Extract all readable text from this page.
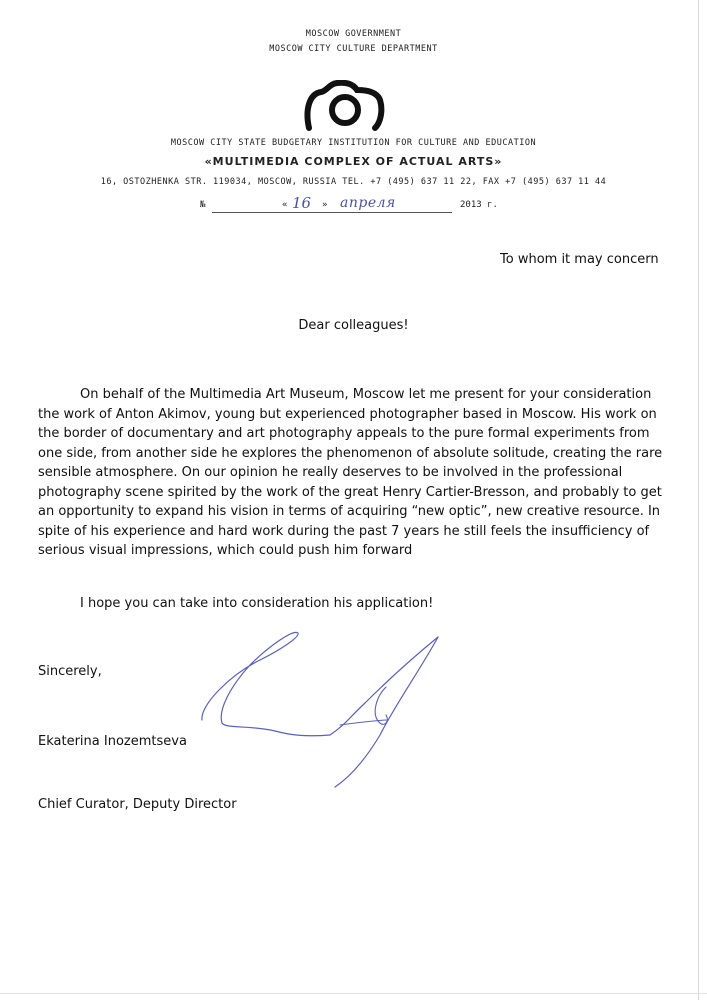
MOSCOW GOVERNMENT
MOSCOW CITY CULTURE DEPARTMENT
MOSCOW CITY STATE BUDGETARY INSTITUTION FOR CULTURE AND EDUCATION
«MULTIMEDIA COMPLEX OF ACTUAL ARTS»
16, OSTOZHENKA STR. 119034, MOSCOW, RUSSIA TEL. +7 (495) 637 11 22, FAX +7 (495) 637 11 44
№	« 16 » апреля	2013 г.
To whom it may concern
Dear colleagues!
On behalf of the Multimedia Art Museum, Moscow let me present for your consideration the work of Anton Akimov, young but experienced photographer based in Moscow. His work on the border of documentary and art photography appeals to the pure formal experiments from one side, from another side he explores the phenomenon of absolute solitude, creating the rare sensible atmosphere. On our opinion he really deserves to be involved in the professional photography scene spirited by the work of the great Henry Cartier-Bresson, and probably to get an opportunity to expand his vision in terms of acquiring “new optic”, new creative resource. In spite of his experience and hard work during the past 7 years he still feels the insufficiency of serious visual impressions, which could push him forward
I hope you can take into consideration his application!
Sincerely,
Ekaterina Inozemtseva
Chief Curator, Deputy Director
